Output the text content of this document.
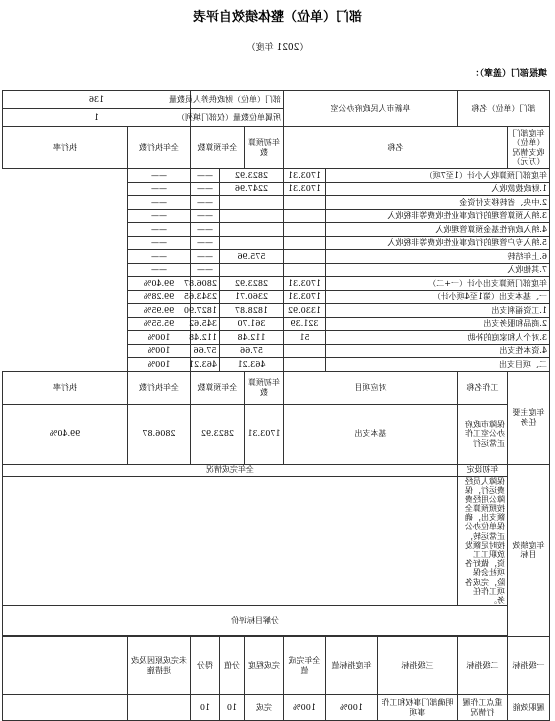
部门（单位）整体绩效自评表
（2021 年度）
填报部门（盖章）：
部门（单位）名称		阜新市人民政府办公室			部门（单位）财政供养人员数量			136	
					所属单位数量（仅部门填列）			1	
年度部门（单位）收支情况（万元）	名称				年初预算数	全年预算数		全年执行数	执行率
年度部门预算收入小计（1至7项）				1703.31	2823.92		——	——	
1.财政拨款收入				1703.31	2247.96		——	——	
2.中央、省转移支付资金							——	——	
3.纳入预算管理的行政事业性收费等非税收入							——	——	
4.纳入政府性基金预算管理收入							——	——	
5.纳入专户管理的行政事业性收费等非税收入							——	——	
6.上年结转					575.96		——	——	
7.其他收入							——	——	
年度部门预算支出小计（一+二）				1703.31	2823.92		2806.87	99.40%	
一、基本支出（第1至4项小计）				1703.31	2360.71		2343.65	99.28%	
1.工资福利支出				1330.92	1828.87		1827.90	99.95%	
2.商品和服务支出				321.39	361.70		345.62	95.55%	
3.对个人和家庭的补助				51	112.48		112.48	100%	
4.资本性支出					57.66		57.66	100%	
二、项目支出					463.21		463.21	100%	
年度主要任务	工作名称	对应项目			年初预算数	全年预算数		全年执行数	执行率
	保障市政府办公室工作正常运行	基本支出			1703.31	2823.92		2806.87	99.40%
年度绩效目标	年初设定	全年完成情况							
	保障人员经费运行，保障公用经费按照预算全额支出，确保单位办公正常运转，按时足额发放职工工资，做好各项社会保险，完成各项工作任务。								
	分解目标评价								

一级指标	二级指标	三级指标	年度指标值	全年完成值	完成程度	分值	得分	未完成原因及改进措施	
履职效能	重点工作履行情况	明确部门事权和工作事项	100%	100%	完成	10	10		
